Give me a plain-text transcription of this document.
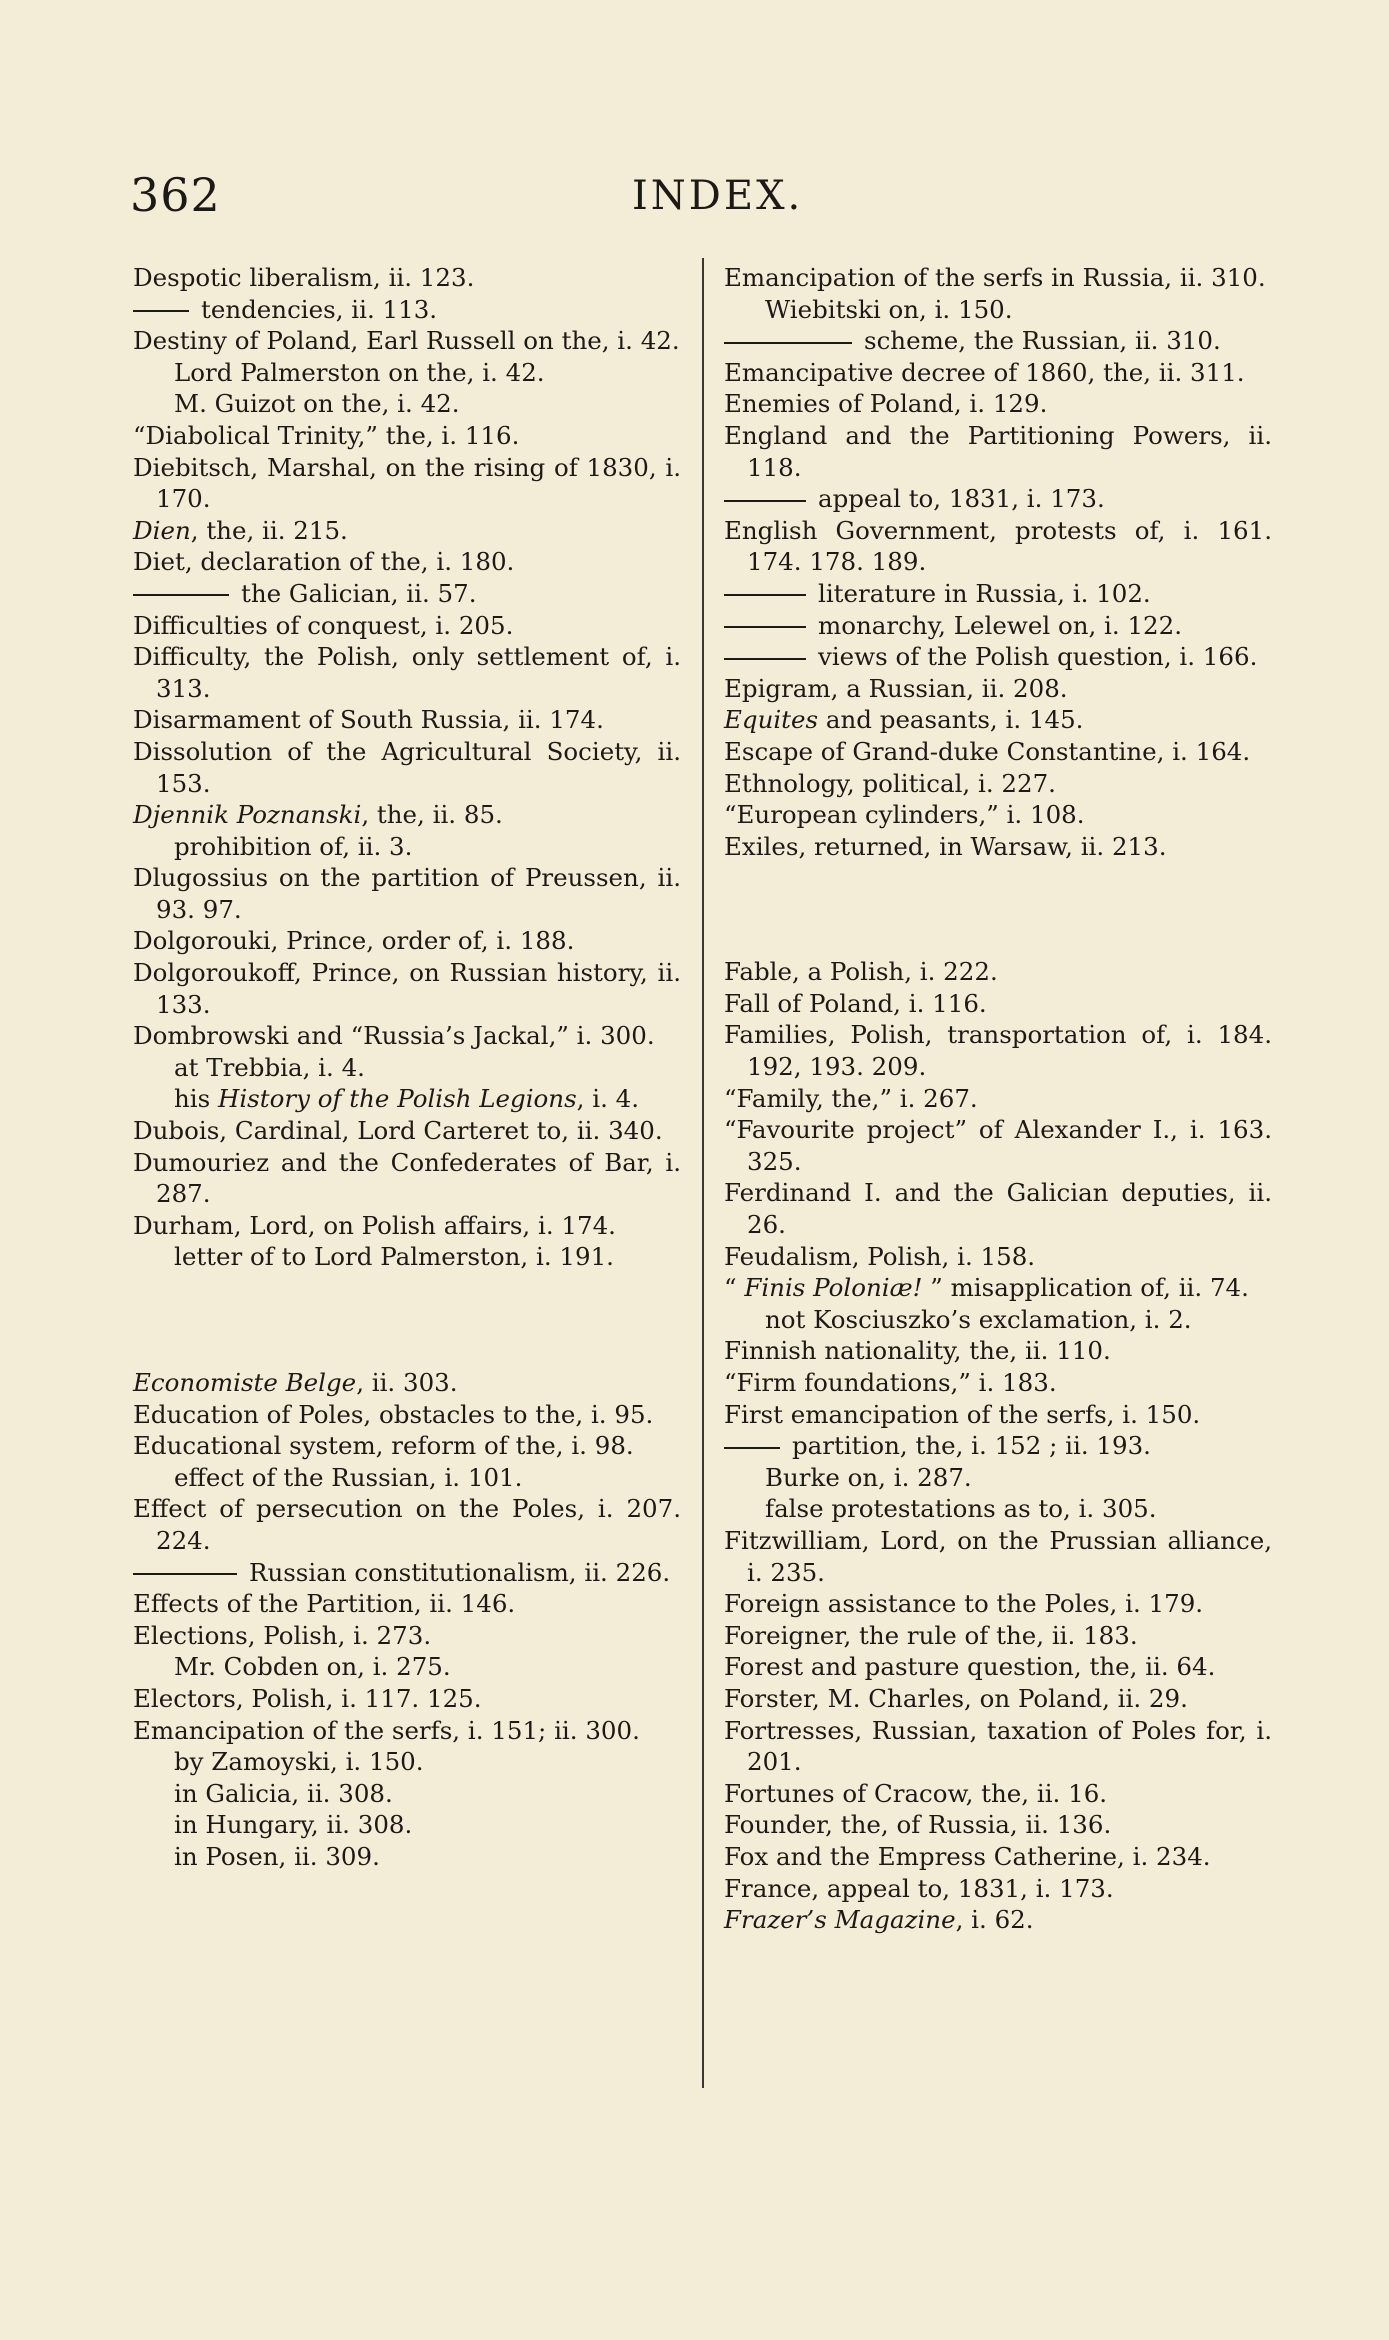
362	INDEX.
Despotic liberalism, ii. 123.
tendencies, ii. 113.
Destiny of Poland, Earl Russell on the, i. 42.
Lord Palmerston on the, i. 42.
M. Guizot on the, i. 42.
“Diabolical Trinity,” the, i. 116.
Diebitsch, Marshal, on the rising of 1830, i. 170.
Dien, the, ii. 215.
Diet, declaration of the, i. 180.
the Galician, ii. 57.
Difficulties of conquest, i. 205.
Difficulty, the Polish, only settlement of, i. 313.
Disarmament of South Russia, ii. 174.
Dissolution of the Agricultural Society, ii. 153.
Djennik Poznanski, the, ii. 85.
prohibition of, ii. 3.
Dlugossius on the partition of Preussen, ii. 93. 97.
Dolgorouki, Prince, order of, i. 188.
Dolgoroukoff, Prince, on Russian history, ii. 133.
Dombrowski and “Russia’s Jackal,” i. 300.
at Trebbia, i. 4.
his History of the Polish Legions, i. 4.
Dubois, Cardinal, Lord Carteret to, ii. 340.
Dumouriez and the Confederates of Bar, i. 287.
Durham, Lord, on Polish affairs, i. 174.
letter of to Lord Palmerston, i. 191.
Economiste Belge, ii. 303.
Education of Poles, obstacles to the, i. 95.
Educational system, reform of the, i. 98.
effect of the Russian, i. 101.
Effect of persecution on the Poles, i. 207. 224.
Russian constitutionalism, ii. 226.
Effects of the Partition, ii. 146.
Elections, Polish, i. 273.
Mr. Cobden on, i. 275.
Electors, Polish, i. 117. 125.
Emancipation of the serfs, i. 151; ii. 300.
by Zamoyski, i. 150.
in Galicia, ii. 308.
in Hungary, ii. 308.
in Posen, ii. 309.
Emancipation of the serfs in Russia, ii. 310.
Wiebitski on, i. 150.
scheme, the Russian, ii. 310.
Emancipative decree of 1860, the, ii. 311.
Enemies of Poland, i. 129.
England and the Partitioning Powers, ii. 118.
appeal to, 1831, i. 173.
English Government, protests of, i. 161. 174. 178. 189.
literature in Russia, i. 102.
monarchy, Lelewel on, i. 122.
views of the Polish question, i. 166.
Epigram, a Russian, ii. 208.
Equites and peasants, i. 145.
Escape of Grand-duke Constantine, i. 164.
Ethnology, political, i. 227.
“European cylinders,” i. 108.
Exiles, returned, in Warsaw, ii. 213.
Fable, a Polish, i. 222.
Fall of Poland, i. 116.
Families, Polish, transportation of, i. 184. 192, 193. 209.
“Family, the,” i. 267.
“Favourite project” of Alexander I., i. 163. 325.
Ferdinand I. and the Galician deputies, ii. 26.
Feudalism, Polish, i. 158.
“ Finis Poloniæ! ” misapplication of, ii. 74.
not Kosciuszko’s exclamation, i. 2.
Finnish nationality, the, ii. 110.
“Firm foundations,” i. 183.
First emancipation of the serfs, i. 150.
partition, the, i. 152 ; ii. 193.
Burke on, i. 287.
false protestations as to, i. 305.
Fitzwilliam, Lord, on the Prussian alliance, i. 235.
Foreign assistance to the Poles, i. 179.
Foreigner, the rule of the, ii. 183.
Forest and pasture question, the, ii. 64.
Forster, M. Charles, on Poland, ii. 29.
Fortresses, Russian, taxation of Poles for, i. 201.
Fortunes of Cracow, the, ii. 16.
Founder, the, of Russia, ii. 136.
Fox and the Empress Catherine, i. 234.
France, appeal to, 1831, i. 173.
Frazer’s Magazine, i. 62.
